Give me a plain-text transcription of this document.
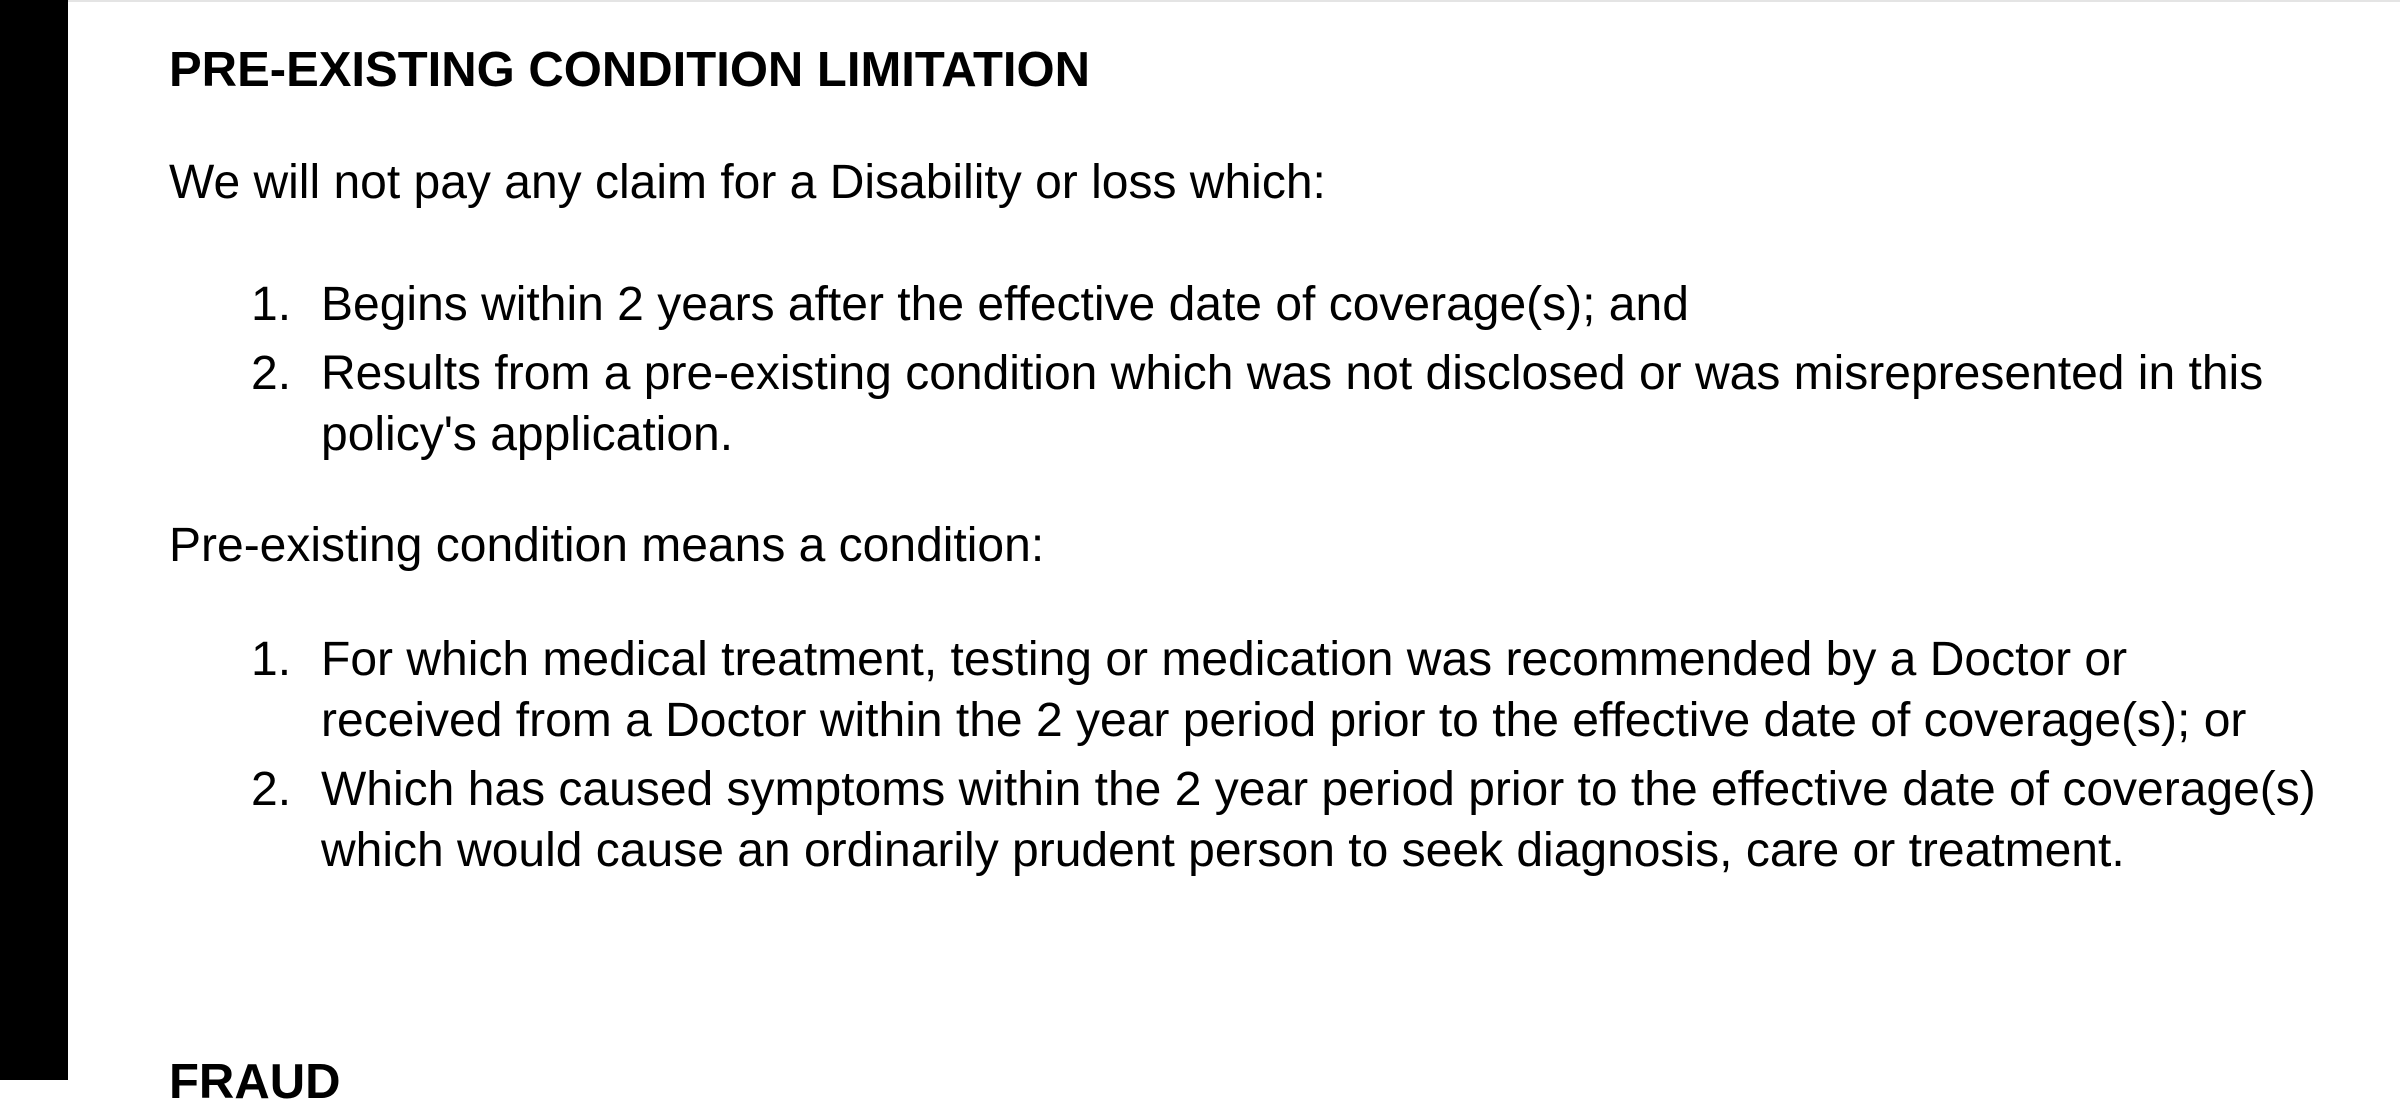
PRE-EXISTING CONDITION LIMITATION

We will not pay any claim for a Disability or loss which:

1. Begins within 2 years after the effective date of coverage(s); and
2. Results from a pre-existing condition which was not disclosed or was misrepresented in this policy's application.

Pre-existing condition means a condition:

1. For which medical treatment, testing or medication was recommended by a Doctor or received from a Doctor within the 2 year period prior to the effective date of coverage(s); or
2. Which has caused symptoms within the 2 year period prior to the effective date of coverage(s) which would cause an ordinarily prudent person to seek diagnosis, care or treatment.
FRAUD
